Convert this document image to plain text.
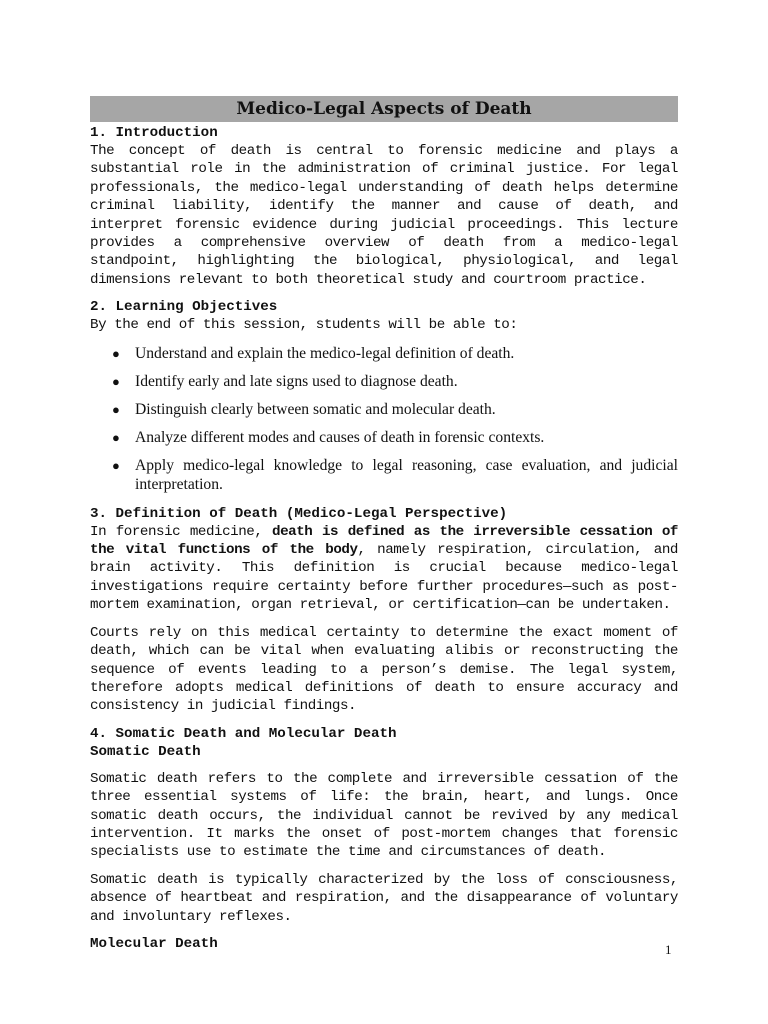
Medico-Legal Aspects of Death

1. Introduction

The concept of death is central to forensic medicine and plays a substantial role in the administration of criminal justice. For legal professionals, the medico-legal understanding of death helps determine criminal liability, identify the manner and cause of death, and interpret forensic evidence during judicial proceedings. This lecture provides a comprehensive overview of death from a medico-legal standpoint, highlighting the biological, physiological, and legal dimensions relevant to both theoretical study and courtroom practice.

2. Learning Objectives

By the end of this session, students will be able to:

● Understand and explain the medico-legal definition of death.
● Identify early and late signs used to diagnose death.
● Distinguish clearly between somatic and molecular death.
● Analyze different modes and causes of death in forensic contexts.
● Apply medico-legal knowledge to legal reasoning, case evaluation, and judicial interpretation.

3. Definition of Death (Medico-Legal Perspective)

In forensic medicine, death is defined as the irreversible cessation of the vital functions of the body, namely respiration, circulation, and brain activity. This definition is crucial because medico-legal investigations require certainty before further procedures—such as post-mortem examination, organ retrieval, or certification—can be undertaken.

Courts rely on this medical certainty to determine the exact moment of death, which can be vital when evaluating alibis or reconstructing the sequence of events leading to a person’s demise. The legal system, therefore adopts medical definitions of death to ensure accuracy and consistency in judicial findings.

4. Somatic Death and Molecular Death

Somatic Death

Somatic death refers to the complete and irreversible cessation of the three essential systems of life: the brain, heart, and lungs. Once somatic death occurs, the individual cannot be revived by any medical intervention. It marks the onset of post-mortem changes that forensic specialists use to estimate the time and circumstances of death.

Somatic death is typically characterized by the loss of consciousness, absence of heartbeat and respiration, and the disappearance of voluntary and involuntary reflexes.

Molecular Death	1
